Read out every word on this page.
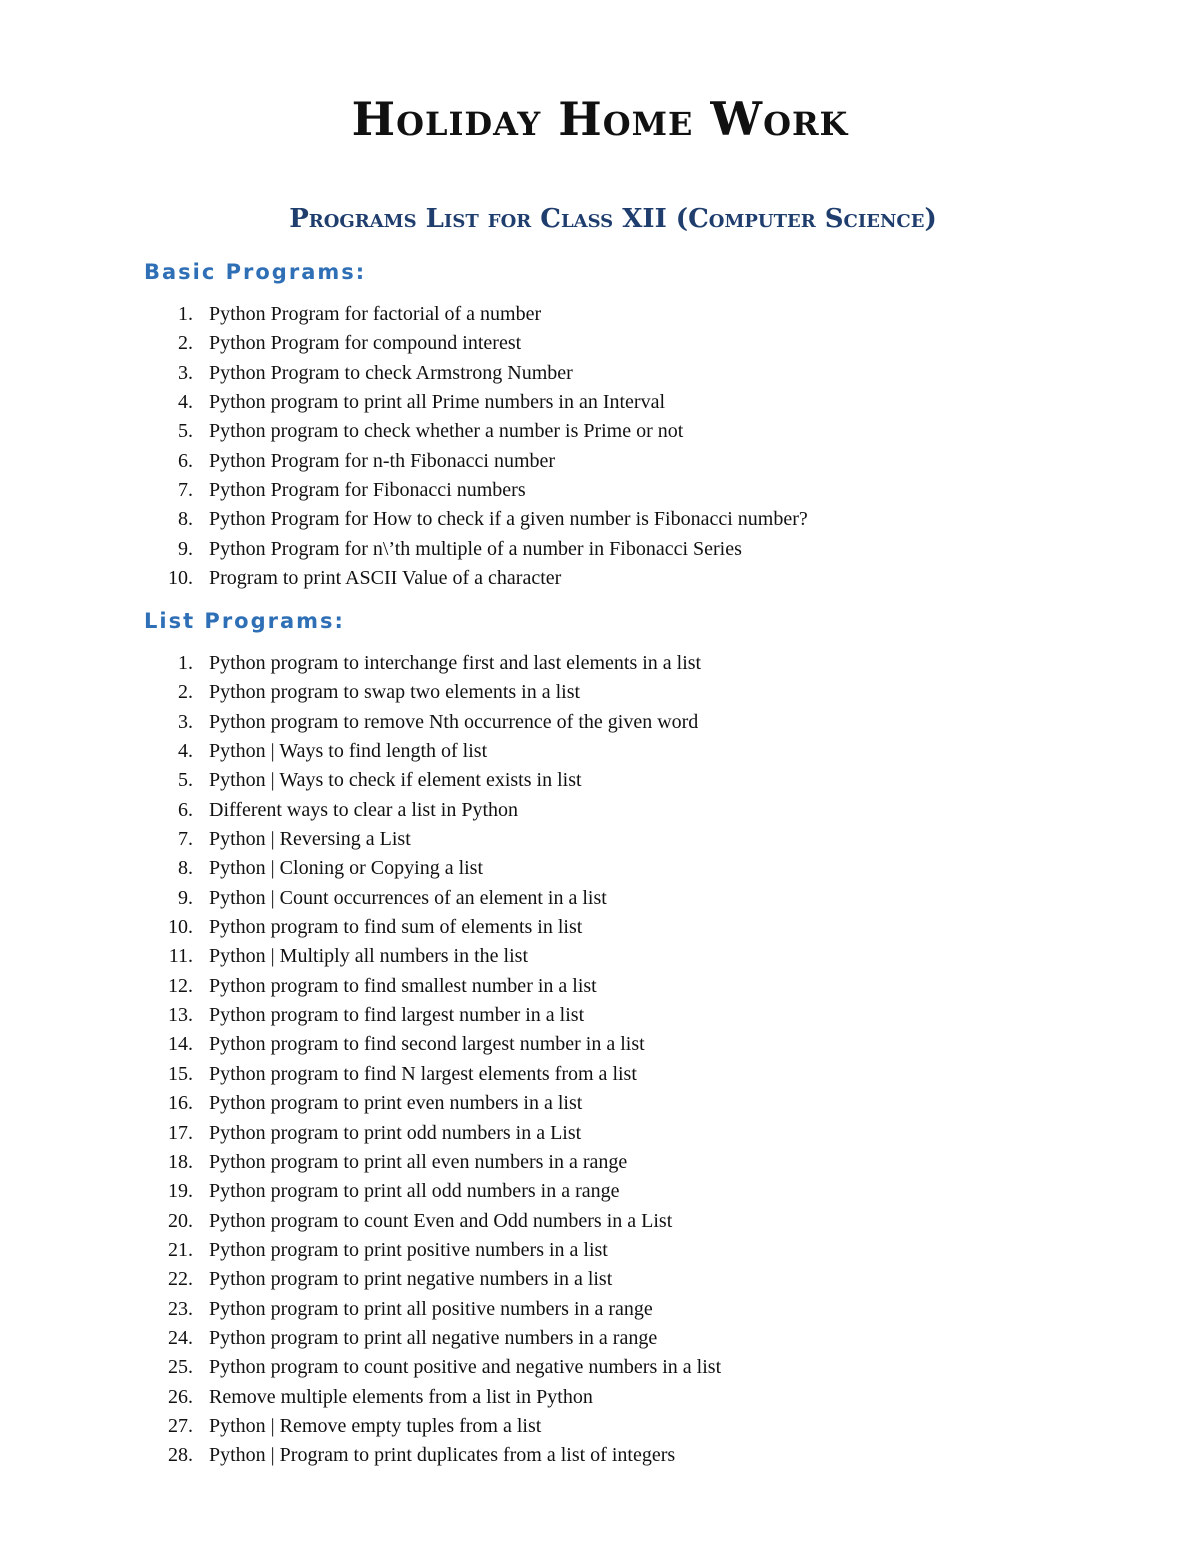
Holiday Home Work
Programs List for Class XII (Computer Science)
Basic Programs:
1. Python Program for factorial of a number
2. Python Program for compound interest
3. Python Program to check Armstrong Number
4. Python program to print all Prime numbers in an Interval
5. Python program to check whether a number is Prime or not
6. Python Program for n-th Fibonacci number
7. Python Program for Fibonacci numbers
8. Python Program for How to check if a given number is Fibonacci number?
9. Python Program for n\’th multiple of a number in Fibonacci Series
10. Program to print ASCII Value of a character
List Programs:
1. Python program to interchange first and last elements in a list
2. Python program to swap two elements in a list
3. Python program to remove Nth occurrence of the given word
4. Python | Ways to find length of list
5. Python | Ways to check if element exists in list
6. Different ways to clear a list in Python
7. Python | Reversing a List
8. Python | Cloning or Copying a list
9. Python | Count occurrences of an element in a list
10. Python program to find sum of elements in list
11. Python | Multiply all numbers in the list
12. Python program to find smallest number in a list
13. Python program to find largest number in a list
14. Python program to find second largest number in a list
15. Python program to find N largest elements from a list
16. Python program to print even numbers in a list
17. Python program to print odd numbers in a List
18. Python program to print all even numbers in a range
19. Python program to print all odd numbers in a range
20. Python program to count Even and Odd numbers in a List
21. Python program to print positive numbers in a list
22. Python program to print negative numbers in a list
23. Python program to print all positive numbers in a range
24. Python program to print all negative numbers in a range
25. Python program to count positive and negative numbers in a list
26. Remove multiple elements from a list in Python
27. Python | Remove empty tuples from a list
28. Python | Program to print duplicates from a list of integers
